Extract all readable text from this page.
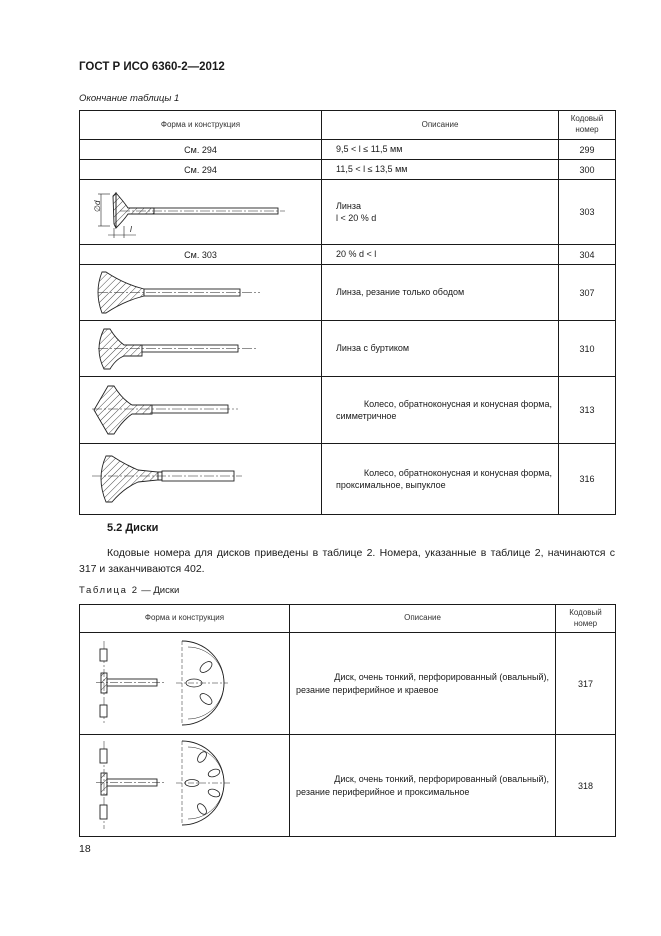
ГОСТ Р ИСО 6360-2—2012
Окончание таблицы 1
Форма и конструкция	Описание	Кодовый
номер
См. 294	9,5 < l ≤ 11,5 мм	299
См. 294	11,5 < l ≤ 13,5 мм	300

∅d
l	Линза
l < 20 % d	303
См. 303	20 % d < l	304

	Линза, резание только ободом	307

	Линза с буртиком	310

	Колесо, обратноконусная и конусная форма,

симметричное	313

	Колесо, обратноконусная и конусная форма,

проксимальное, выпуклое	316
5.2 Диски
Кодовые номера для дисков приведены в таблице 2. Номера, указанные в таблице 2, начинаются с 317 и заканчиваются 402.
Таблица 2 — Диски
Форма и конструкция	Описание	Кодовый
номер

	Диск, очень тонкий, перфорированный (овальный),

резание периферийное и краевое	317

	Диск, очень тонкий, перфорированный (овальный),

резание периферийное и проксимальное	318
18
